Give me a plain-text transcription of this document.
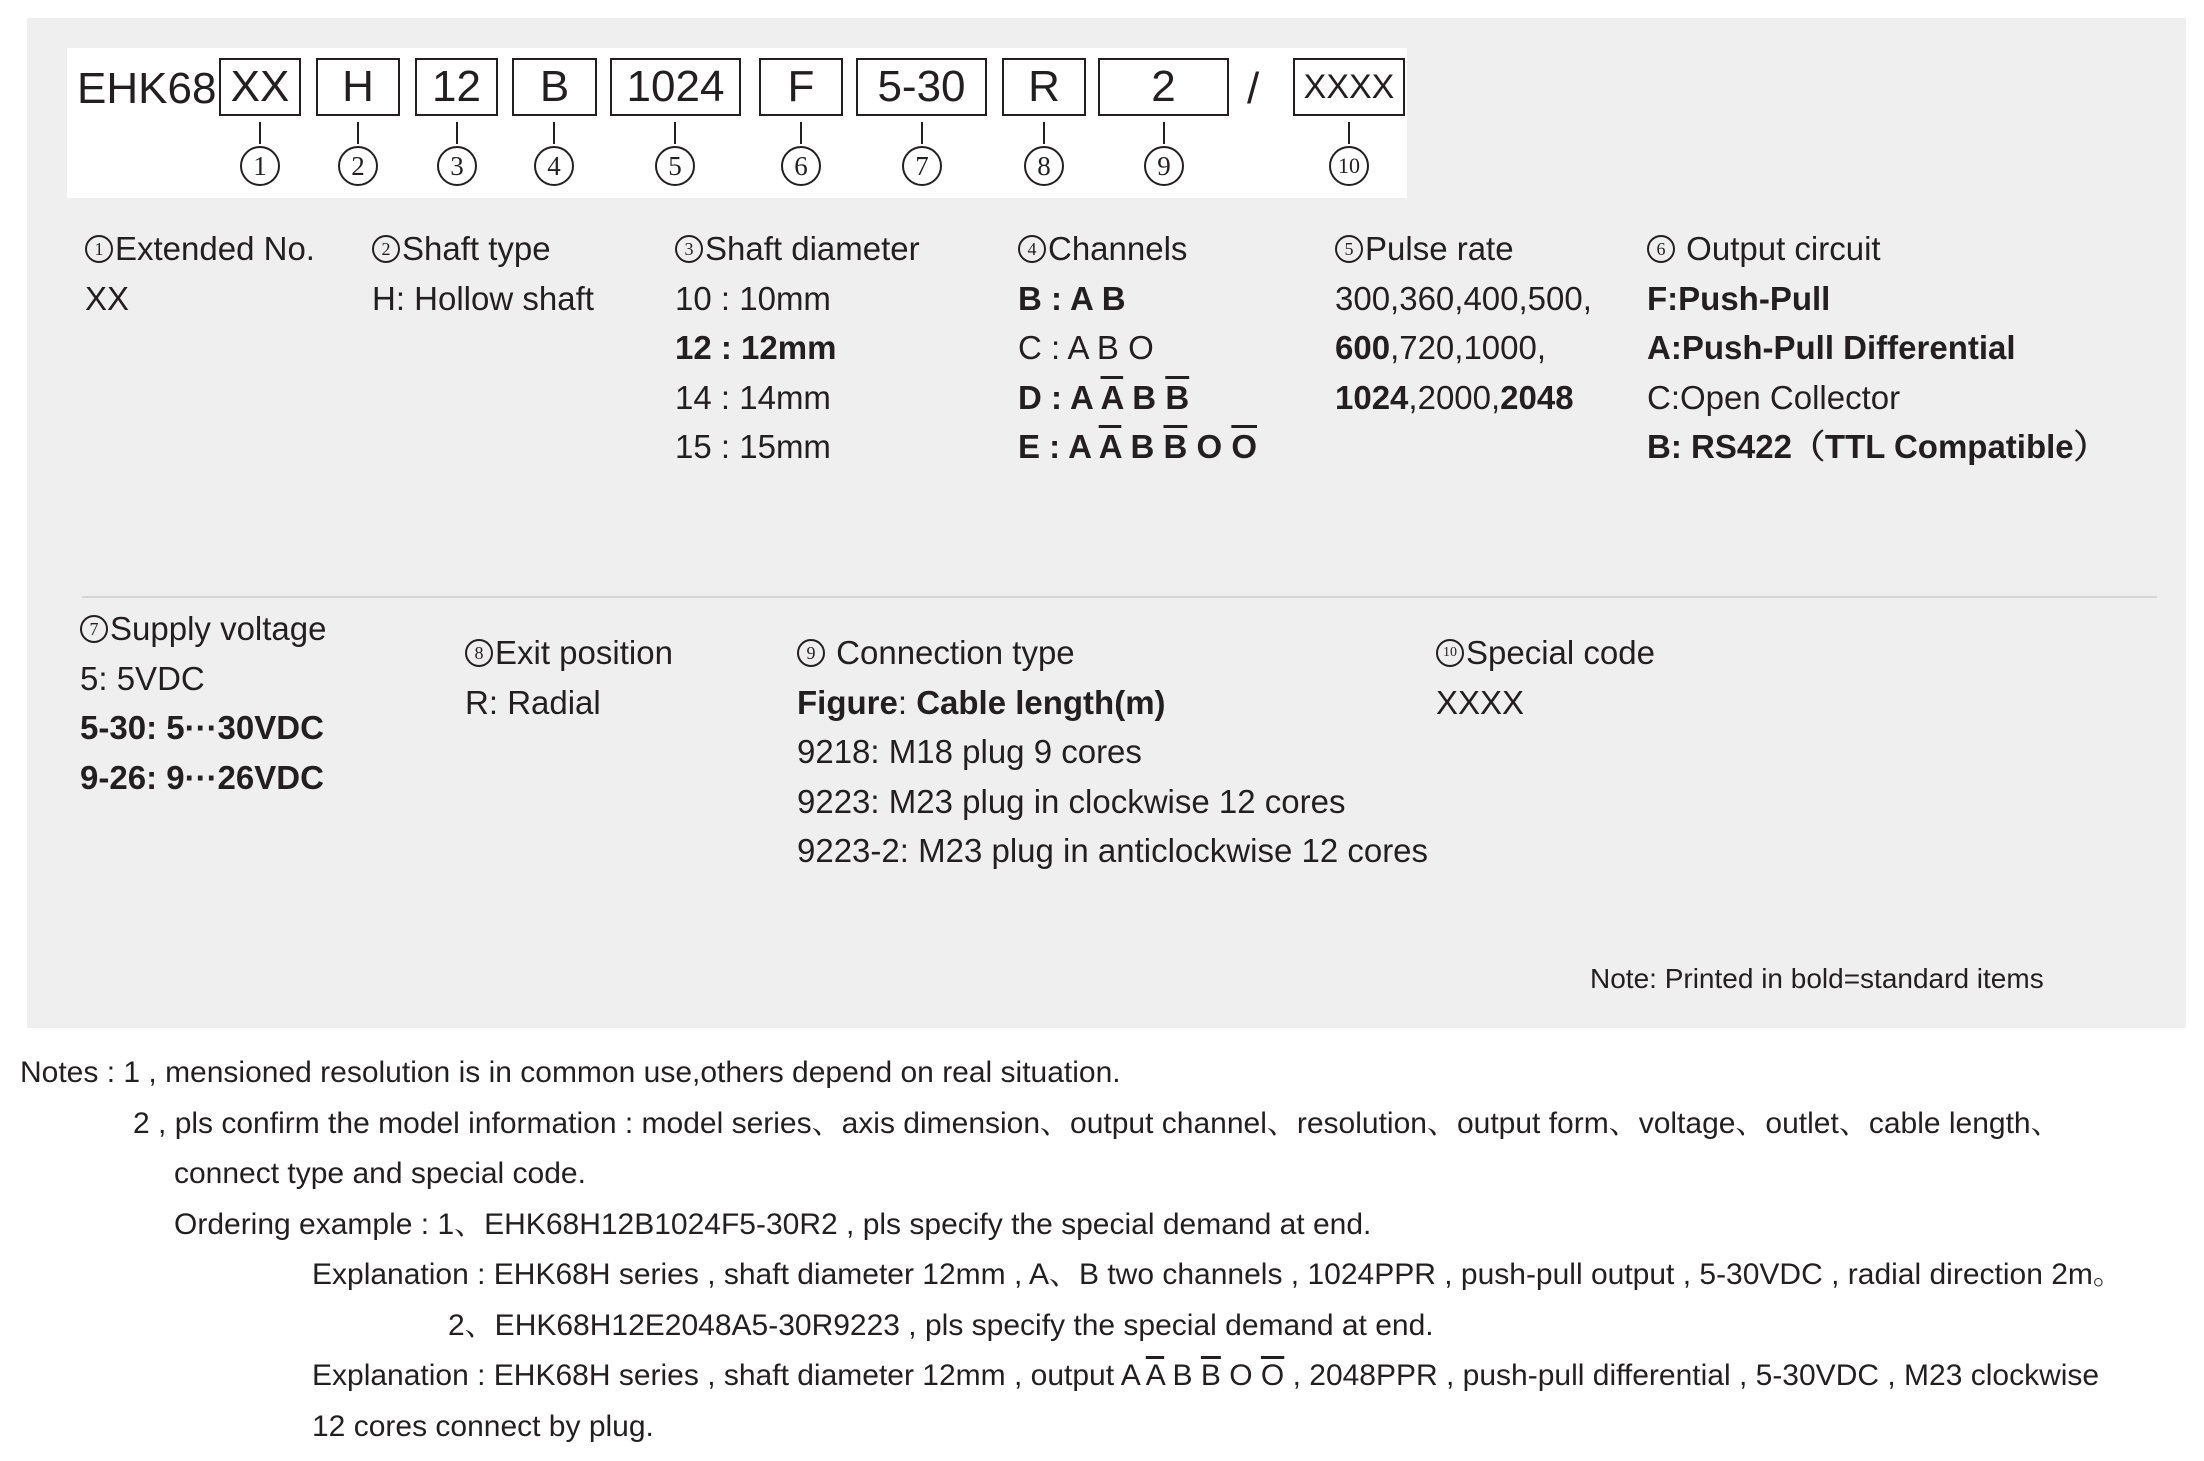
EHK68 XX	H	12	B	1024	F	5-30	R	2	/	XXXX
1	2	3	4	5	6	7	8	9	10
1 Extended No.
XX
2 Shaft type
H: Hollow shaft
3 Shaft diameter
10 : 10mm
12 : 12mm
14 : 14mm
15 : 15mm
4 Channels
B : A B
C : A B O
D : A $\overline{A}$ B $\overline{B}$
E : A $\overline{A}$ B $\overline{B}$ O $\overline{O}$
5 Pulse rate
300,360,400,500,
600,720,1000,
1024,2000,2048
6 Output circuit
F:Push-Pull
A:Push-Pull Differential
C:Open Collector
B: RS422（TTL Compatible）
7 Supply voltage
5: 5VDC
5-30: 5···30VDC
9-26: 9···26VDC
8 Exit position
R: Radial
9 Connection type
Figure: Cable length(m)
9218: M18 plug 9 cores
9223: M23 plug in clockwise 12 cores
9223-2: M23 plug in anticlockwise 12 cores
10 Special code
XXXX
Note: Printed in bold=standard items
Notes : 1 , mensioned resolution is in common use,others depend on real situation.
2 , pls confirm the model information : model series、axis dimension、output channel、resolution、output form、voltage、outlet、cable length、
connect type and special code.
Ordering example : 1、EHK68H12B1024F5-30R2 , pls specify the special demand at end.
Explanation : EHK68H series , shaft diameter 12mm , A、B two channels , 1024PPR , push-pull output , 5-30VDC , radial direction 2m。
2、EHK68H12E2048A5-30R9223 , pls specify the special demand at end.
Explanation : EHK68H series , shaft diameter 12mm , output A $\overline{A}$ B $\overline{B}$ O $\overline{O}$ , 2048PPR , push-pull differential , 5-30VDC , M23 clockwise
12 cores connect by plug.
